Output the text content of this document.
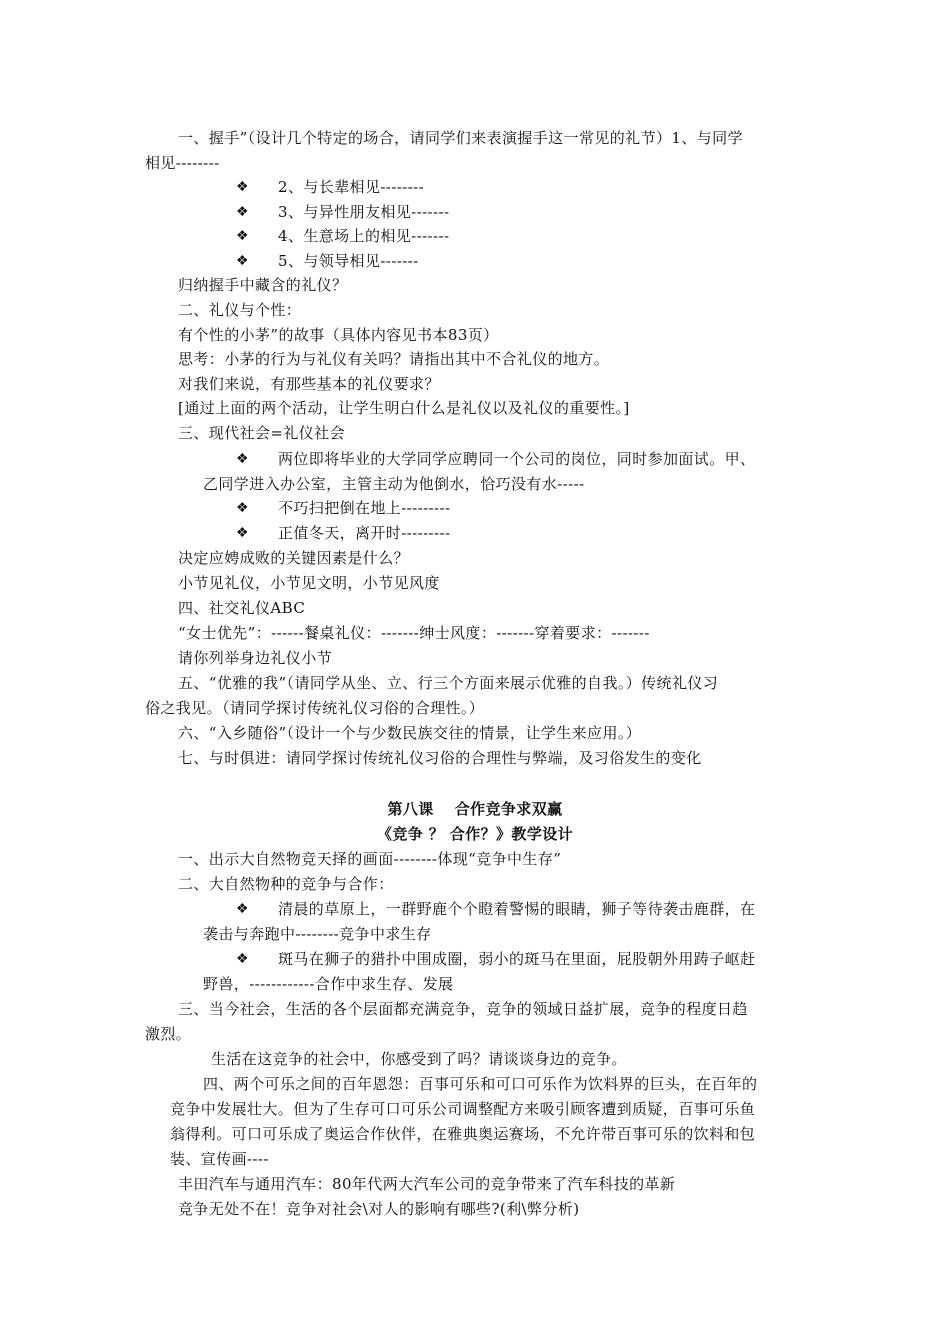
一、握手”（设计几个特定的场合，请同学们来表演握手这一常见的礼节）1、与同学
相见--------
❖ 2、与长辈相见--------
❖ 3、与异性朋友相见-------
❖ 4、生意场上的相见-------
❖ 5、与领导相见-------
归纳握手中藏含的礼仪？
二、礼仪与个性：
有个性的小茅”的故事（具体内容见书本83页）
思考：小茅的行为与礼仪有关吗？请指出其中不合礼仪的地方。
对我们来说，有那些基本的礼仪要求？
[通过上面的两个活动，让学生明白什么是礼仪以及礼仪的重要性。]
三、现代社会=礼仪社会
❖ 两位即将毕业的大学同学应聘同一个公司的岗位，同时参加面试。甲、
乙同学进入办公室，主管主动为他倒水，恰巧没有水-----
❖ 不巧扫把倒在地上---------
❖ 正值冬天，离开时---------
决定应娉成败的关键因素是什么？
小节见礼仪，小节见文明，小节见风度
四、社交礼仪ABC
“女士优先”：------餐桌礼仪：-------绅士风度：-------穿着要求：-------
请你列举身边礼仪小节
五、“优雅的我”（请同学从坐、立、行三个方面来展示优雅的自我。）传统礼仪习
俗之我见。（请同学探讨传统礼仪习俗的合理性。）
六、“入乡随俗”（设计一个与少数民族交往的情景，让学生来应用。）
七、与时俱进：请同学探讨传统礼仪习俗的合理性与弊端，及习俗发生的变化
第八课　 合作竞争求双赢
《竞争 ？ 合作？》教学设计
一、出示大自然物竞天择的画面--------体现“竞争中生存”
二、大自然物种的竞争与合作：
❖ 清晨的草原上，一群野鹿个个瞪着警惕的眼睛，狮子等待袭击鹿群，在
袭击与奔跑中--------竞争中求生存
❖ 斑马在狮子的猎扑中围成圈，弱小的斑马在里面，屁股朝外用踌子岖赶
野兽，------------合作中求生存、发展
三、当今社会，生活的各个层面都充满竞争，竞争的领域日益扩展，竞争的程度日趋
激烈。
生活在这竞争的社会中，你感受到了吗？请谈谈身边的竞争。
四、两个可乐之间的百年恩怨：百事可乐和可口可乐作为饮料界的巨头，在百年的
竞争中发展壮大。但为了生存可口可乐公司调整配方来吸引顾客遭到质疑，百事可乐鱼
翁得利。可口可乐成了奥运合作伙伴，在雅典奥运赛场，不允许带百事可乐的饮料和包
装、宣传画----
丰田汽车与通用汽车：80年代两大汽车公司的竞争带来了汽车科技的革新
竞争无处不在！竞争对社会\对人的影响有哪些?(利\弊分析)
